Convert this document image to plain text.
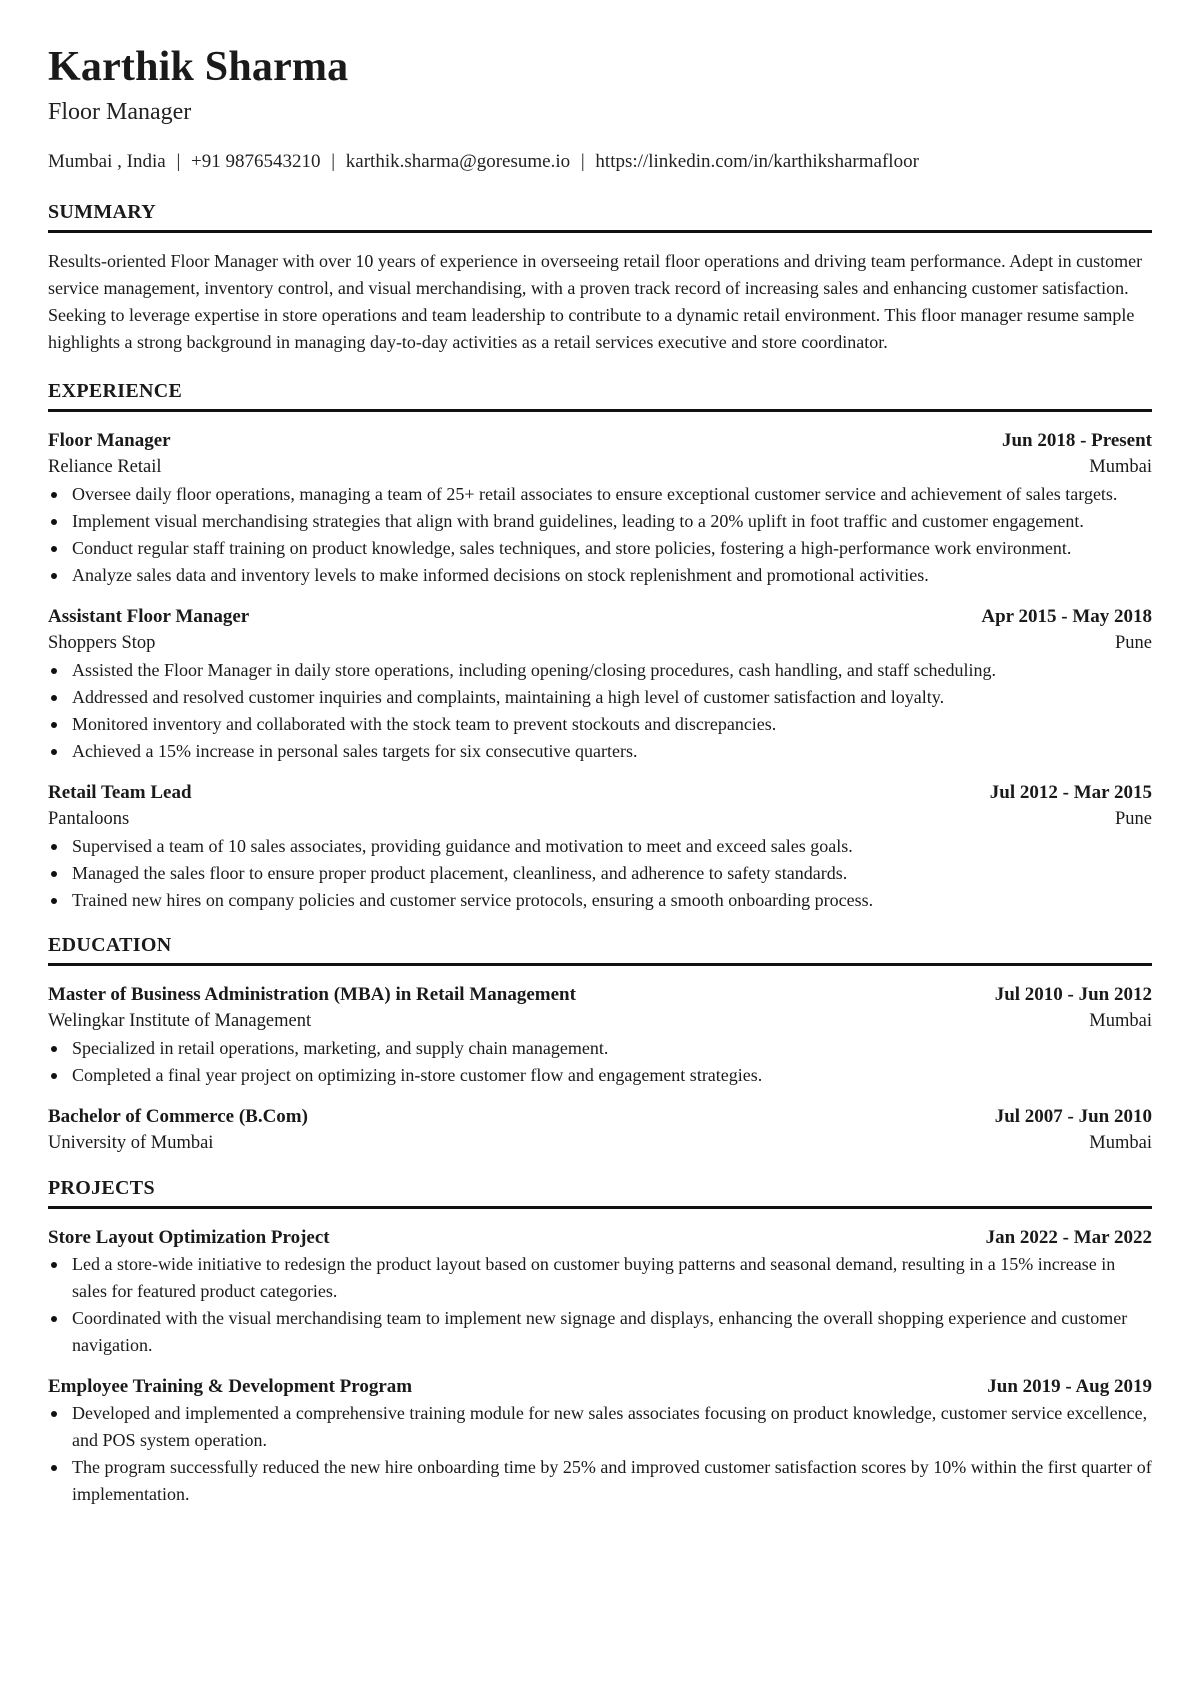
Karthik Sharma
Floor Manager
Mumbai , India | +91 9876543210 | karthik.sharma@goresume.io | https://linkedin.com/in/karthiksharmafloor
SUMMARY
Results-oriented Floor Manager with over 10 years of experience in overseeing retail floor operations and driving team performance. Adept in customer service management, inventory control, and visual merchandising, with a proven track record of increasing sales and enhancing customer satisfaction. Seeking to leverage expertise in store operations and team leadership to contribute to a dynamic retail environment. This floor manager resume sample highlights a strong background in managing day-to-day activities as a retail services executive and store coordinator.
EXPERIENCE
Floor Manager	Jun 2018 - Present
Reliance Retail	Mumbai
Oversee daily floor operations, managing a team of 25+ retail associates to ensure exceptional customer service and achievement of sales targets.
Implement visual merchandising strategies that align with brand guidelines, leading to a 20% uplift in foot traffic and customer engagement.
Conduct regular staff training on product knowledge, sales techniques, and store policies, fostering a high-performance work environment.
Analyze sales data and inventory levels to make informed decisions on stock replenishment and promotional activities.
Assistant Floor Manager	Apr 2015 - May 2018
Shoppers Stop	Pune
Assisted the Floor Manager in daily store operations, including opening/closing procedures, cash handling, and staff scheduling.
Addressed and resolved customer inquiries and complaints, maintaining a high level of customer satisfaction and loyalty.
Monitored inventory and collaborated with the stock team to prevent stockouts and discrepancies.
Achieved a 15% increase in personal sales targets for six consecutive quarters.
Retail Team Lead	Jul 2012 - Mar 2015
Pantaloons	Pune
Supervised a team of 10 sales associates, providing guidance and motivation to meet and exceed sales goals.
Managed the sales floor to ensure proper product placement, cleanliness, and adherence to safety standards.
Trained new hires on company policies and customer service protocols, ensuring a smooth onboarding process.
EDUCATION
Master of Business Administration (MBA) in Retail Management	Jul 2010 - Jun 2012
Welingkar Institute of Management	Mumbai
Specialized in retail operations, marketing, and supply chain management.
Completed a final year project on optimizing in-store customer flow and engagement strategies.
Bachelor of Commerce (B.Com)	Jul 2007 - Jun 2010
University of Mumbai	Mumbai
PROJECTS
Store Layout Optimization Project	Jan 2022 - Mar 2022
Led a store-wide initiative to redesign the product layout based on customer buying patterns and seasonal demand, resulting in a 15% increase in sales for featured product categories.
Coordinated with the visual merchandising team to implement new signage and displays, enhancing the overall shopping experience and customer navigation.
Employee Training & Development Program	Jun 2019 - Aug 2019
Developed and implemented a comprehensive training module for new sales associates focusing on product knowledge, customer service excellence, and POS system operation.
The program successfully reduced the new hire onboarding time by 25% and improved customer satisfaction scores by 10% within the first quarter of implementation.
